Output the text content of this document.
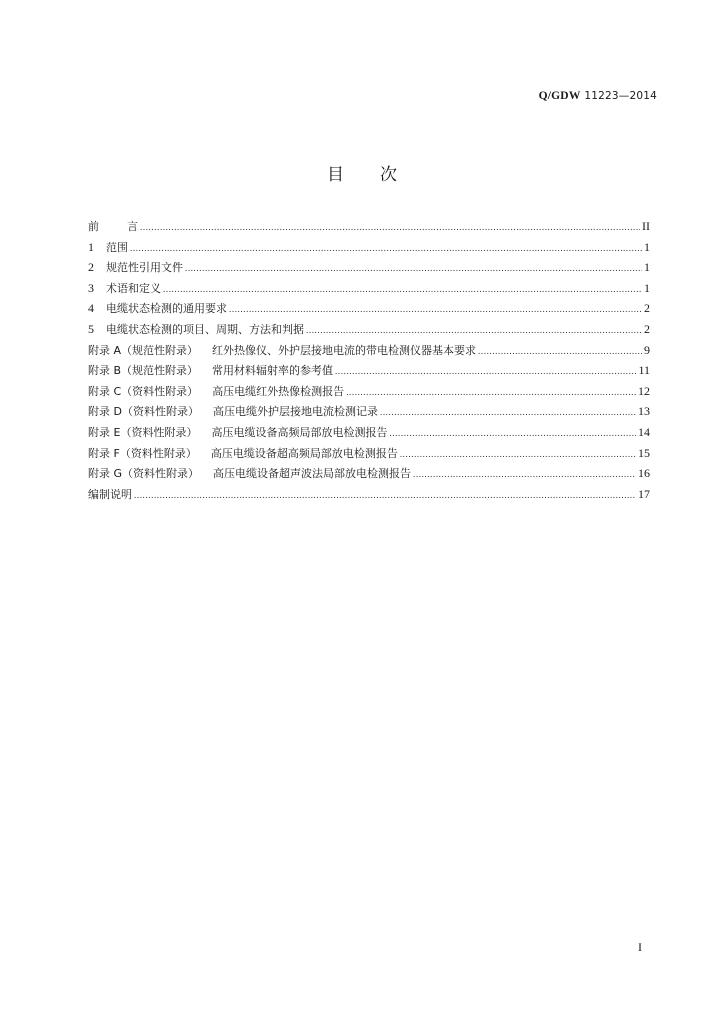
Q/GDW 11223—2014
目 次
前	言 .....	II
1 范围 .....	1
2 规范性引用文件 .....	1
3 术语和定义 .....	1
4 电缆状态检测的通用要求 .....	2
5 电缆状态检测的项目、周期、方法和判据 .....	2
附录 A（规范性附录） 红外热像仪、外护层接地电流的带电检测仪器基本要求 .....	9
附录 B（规范性附录） 常用材料辐射率的参考值 .....	11
附录 C（资料性附录） 高压电缆红外热像检测报告 .....	12
附录 D（资料性附录） 高压电缆外护层接地电流检测记录 .....	13
附录 E（资料性附录） 高压电缆设备高频局部放电检测报告 .....	14
附录 F（资料性附录） 高压电缆设备超高频局部放电检测报告 .....	15
附录 G（资料性附录） 高压电缆设备超声波法局部放电检测报告 .....	16
编制说明 .....	17
I
